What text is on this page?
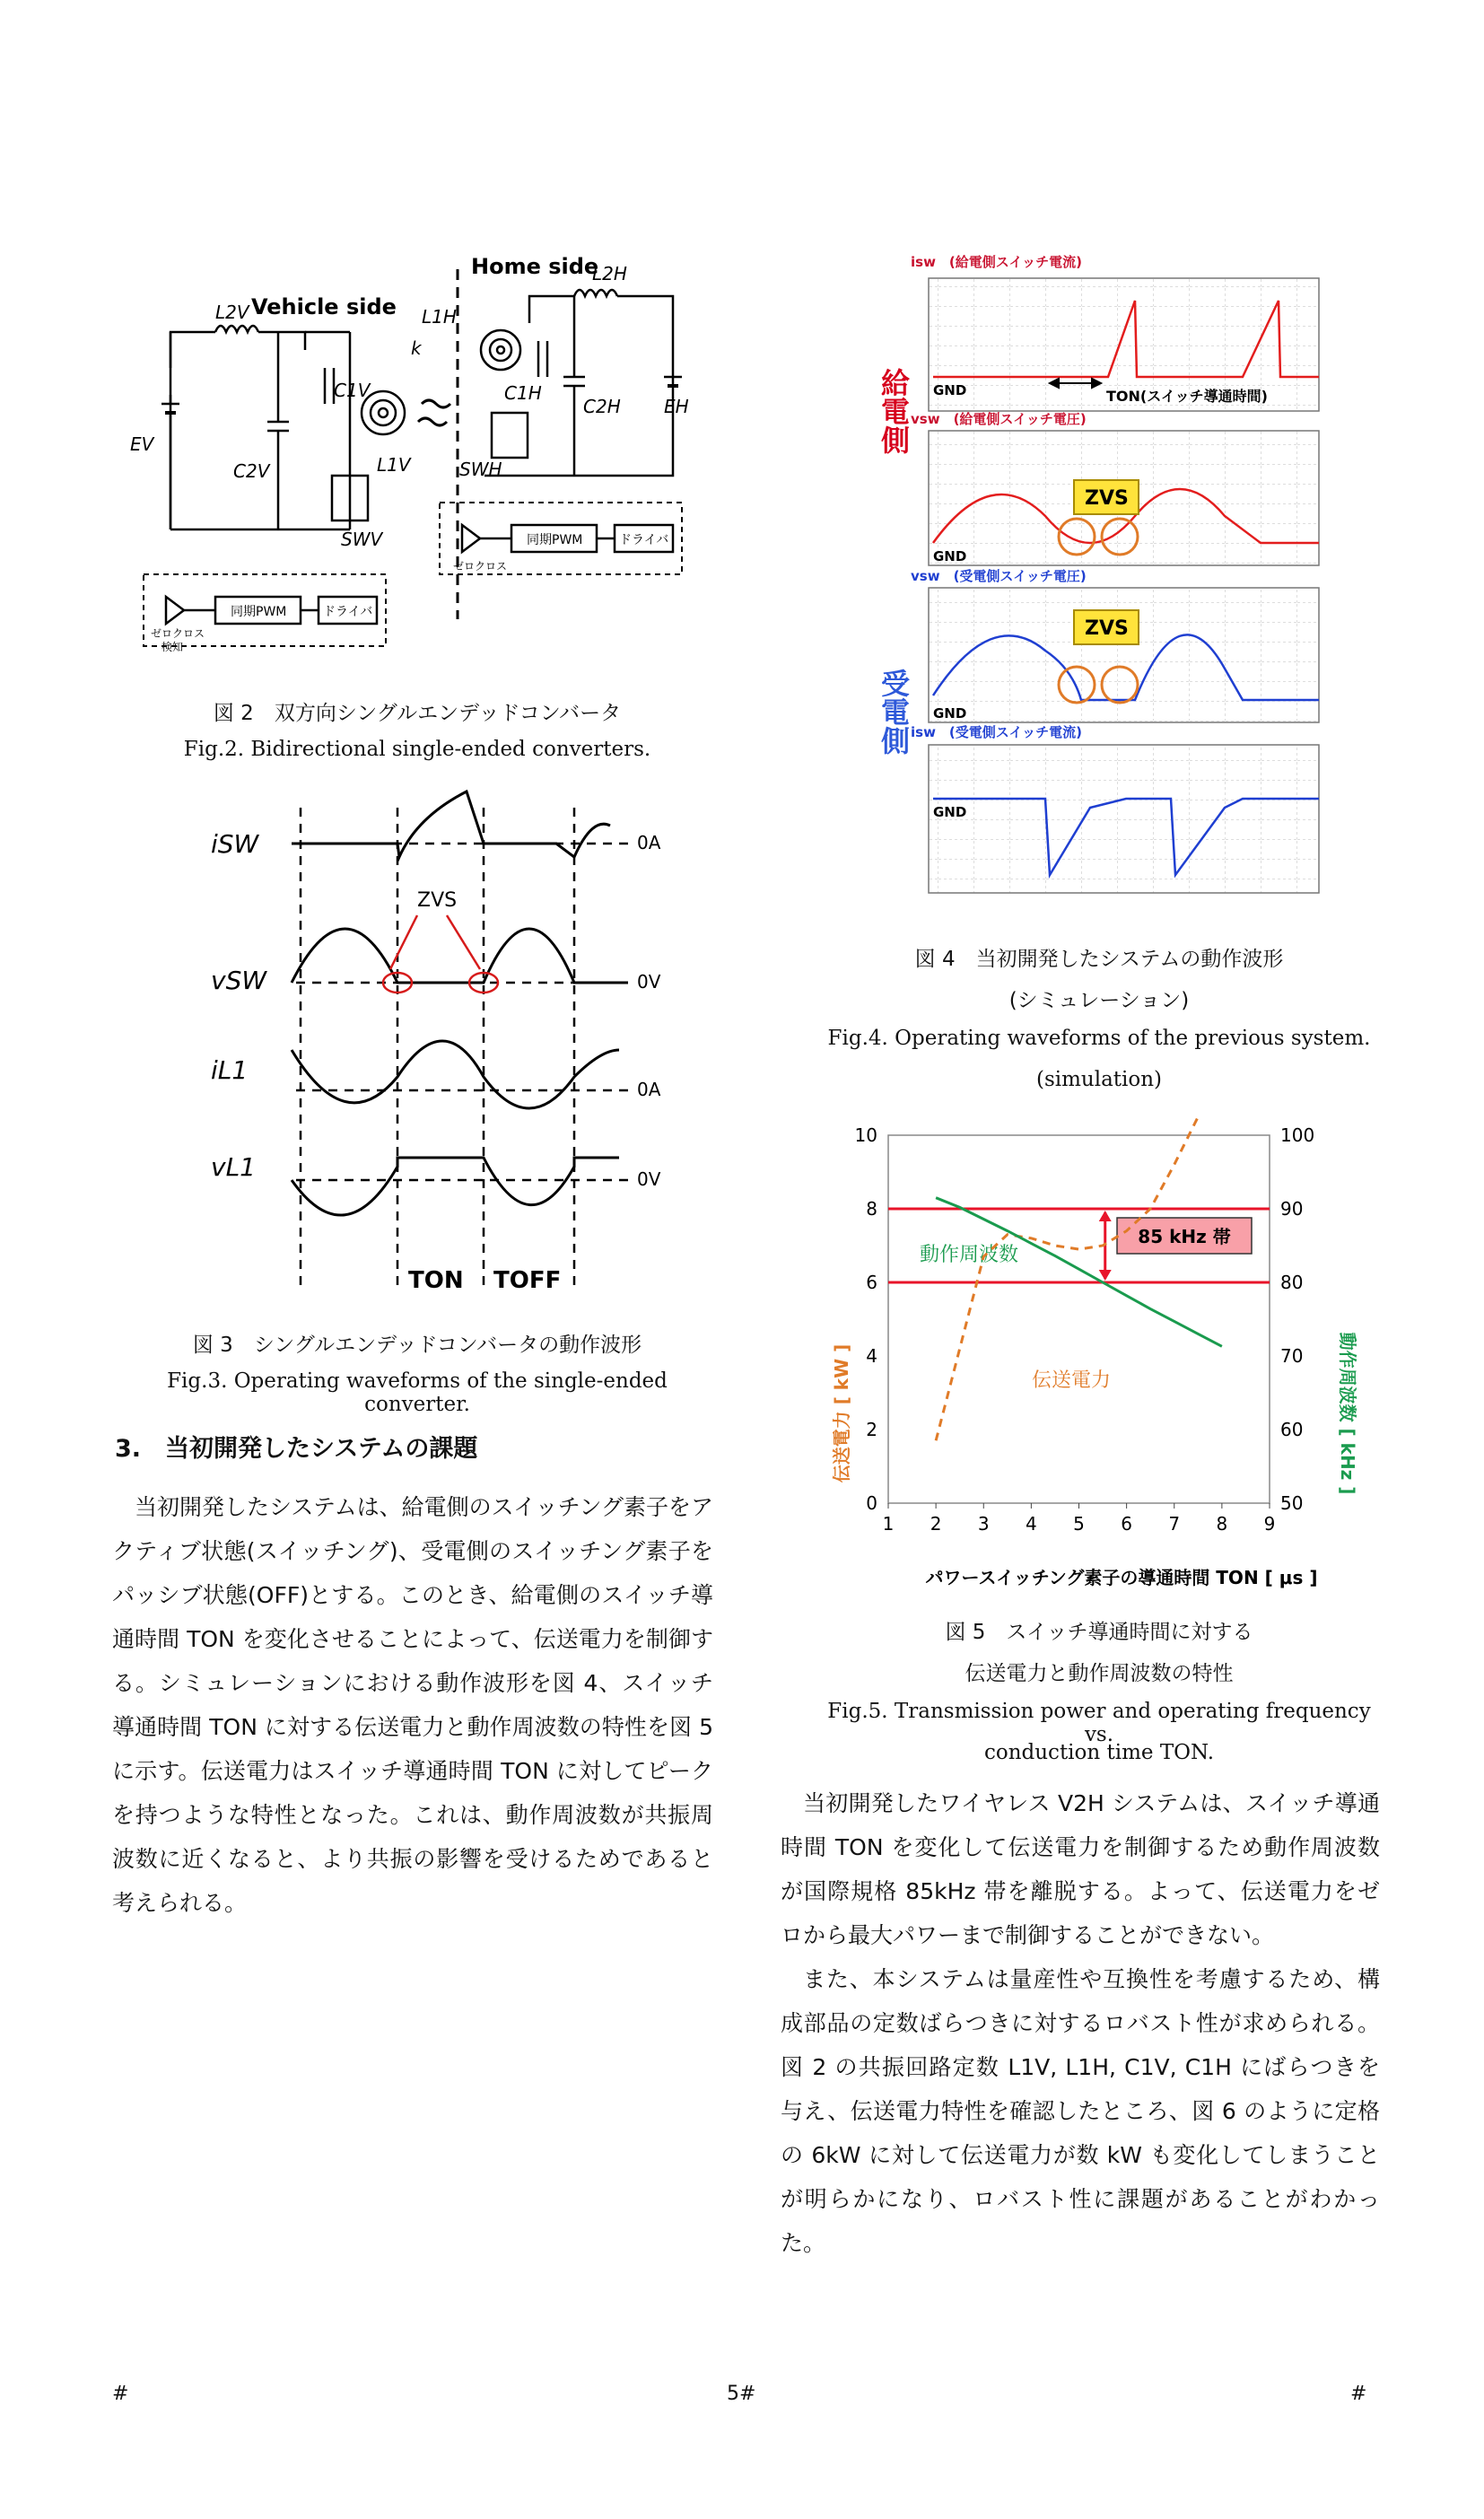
Home side
Vehicle side
L2V
L2H
L1H
L1V
C1V	C1H
C2V
C2H
EV
EH
SWV
SWH
k
同期PWM	ドライバ
ゼロクロス
同期PWM	ドライバ
ゼロクロス
検知
図 2　双方向シングルエンデッドコンバータ
Fig.2. Bidirectional single-ended converters.
iSW
vSW
iL1
vL1
ZVS
0A
0V
0A
0V
TON TOFF
図 3　シングルエンデッドコンバータの動作波形
Fig.3. Operating waveforms of the single-ended converter.
3.　当初開発したシステムの課題

当初開発したシステムは、給電側のスイッチング素子をアクティブ状態(スイッチング)、受電側のスイッチング素子をパッシブ状態(OFF)とする。このとき、給電側のスイッチ導通時間 TON を変化させることによって、伝送電力を制御する。シミュレーションにおける動作波形を図 4、スイッチ導通時間 TON に対する伝送電力と動作周波数の特性を図 5 に示す。伝送電力はスイッチ導通時間 TON に対してピークを持つような特性となった。これは、動作周波数が共振周波数に近くなると、より共振の影響を受けるためであると考えられる。

ZVS
ZVS
isw　(給電側スイッチ電流)
vsw　(給電側スイッチ電圧)
vsw　(受電側スイッチ電圧)
isw　(受電側スイッチ電流)
GND
GND
GND
GND
TON(スイッチ導通時間)
給電側
受電側
図 4　当初開発したシステムの動作波形
(シミュレーション)
Fig.4. Operating waveforms of the previous system.
(simulation)
伝送電力 [ kW ]	動作周波数 [ kHz ]
パワースイッチング素子の導通時間 TON [ μs ]
85 kHz 帯
動作周波数
伝送電力
1 2 3 4 5 6 7 8 9
0
2
4
6
8
10
50
60
70
80
90
100
図 5　スイッチ導通時間に対する
伝送電力と動作周波数の特性
Fig.5. Transmission power and operating frequency vs.
conduction time TON.

当初開発したワイヤレス V2H システムは、スイッチ導通時間 TON を変化して伝送電力を制御するため動作周波数が国際規格 85kHz 帯を離脱する。よって、伝送電力をゼロから最大パワーまで制御することができない。

また、本システムは量産性や互換性を考慮するため、構成部品の定数ばらつきに対するロバスト性が求められる。図 2 の共振回路定数 L1V, L1H, C1V, C1H にばらつきを与え、伝送電力特性を確認したところ、図 6 のように定格の 6kW に対して伝送電力が数 kW も変化してしまうことが明らかになり、ロバスト性に課題があることがわかった。

#	5#	#
